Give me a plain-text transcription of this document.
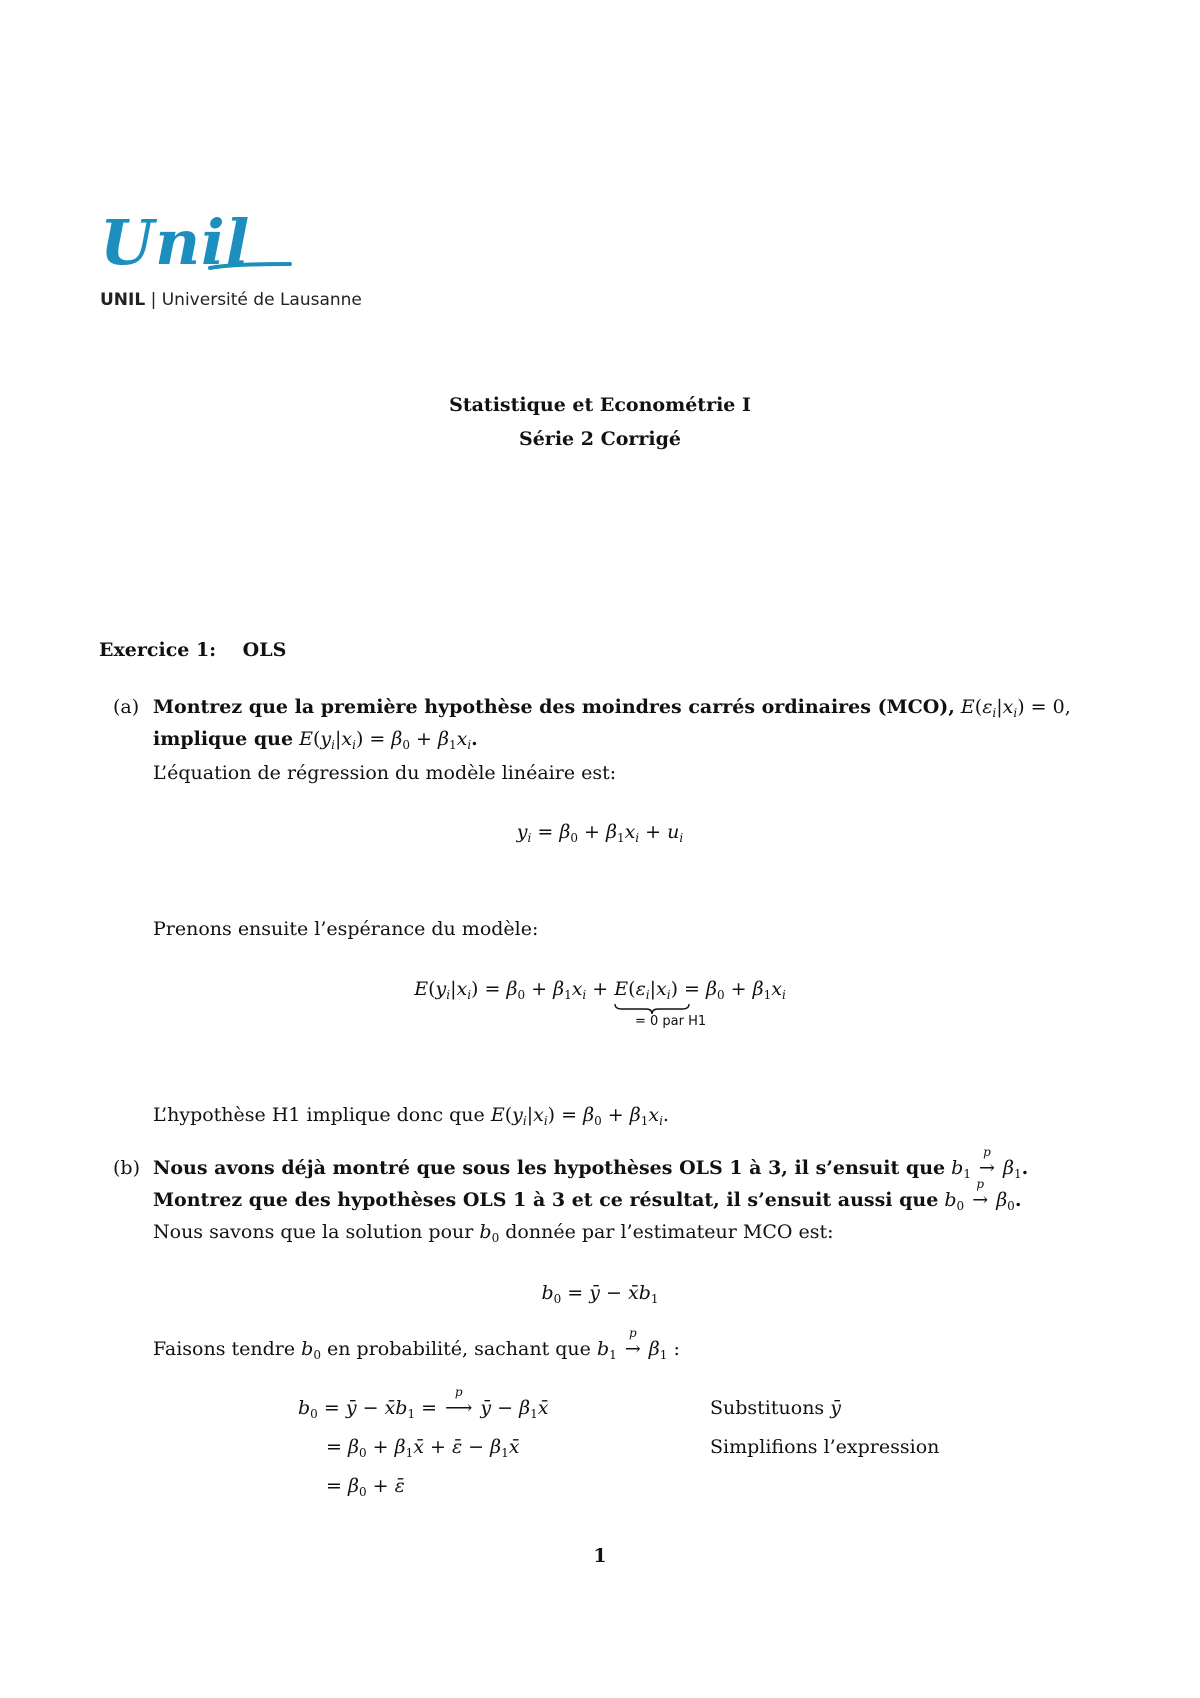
Unil
UNIL | Université de Lausanne
Statistique et Econométrie I
Série 2 Corrigé
Exercice 1:    OLS
(a) Montrez que la première hypothèse des moindres carrés ordinaires (MCO), $E(\varepsilon_i|x_i) = 0$,
implique que $E(y_i|x_i) = \beta_0 + \beta_1x_i$.
L’équation de régression du modèle linéaire est:
$y_i = \beta_0 + \beta_1x_i + u_i$
Prenons ensuite l’espérance du modèle:
$E(y_i|x_i) = \beta_0 + \beta_1x_i + E(\varepsilon_i|x_i)$
= $\beta_0 + \beta_1x_i$
= 0 par H1
L’hypothèse H1 implique donc que $E(y_i|x_i) = \beta_0 + \beta_1x_i$.
(b) Nous avons déjà montré que sous les hypothèses OLS 1 à 3, il s’ensuit que $b_1$
p
→ $\beta_1$.
Montrez que des hypothèses OLS 1 à 3 et ce résultat, il s’ensuit aussi que $b_0$
p
→ $\beta_0$.
Nous savons que la solution pour $b_0$ donnée par l’estimateur MCO est:
$b_0$ = ȳ − $x̄b_1$
Faisons tendre $b_0$ en probabilité, sachant que $b_1$
p
→ $\beta_1$ :
$b_0$ = ȳ − $x̄b_1$ =
p
⟶ ȳ − $\beta_1x̄$	Substituons ȳ
= $\beta_0$ + $\beta_1x̄$ + ε̄ − $\beta_1x̄$	Simplifions l’expression
= $\beta_0$ + ε̄
1
